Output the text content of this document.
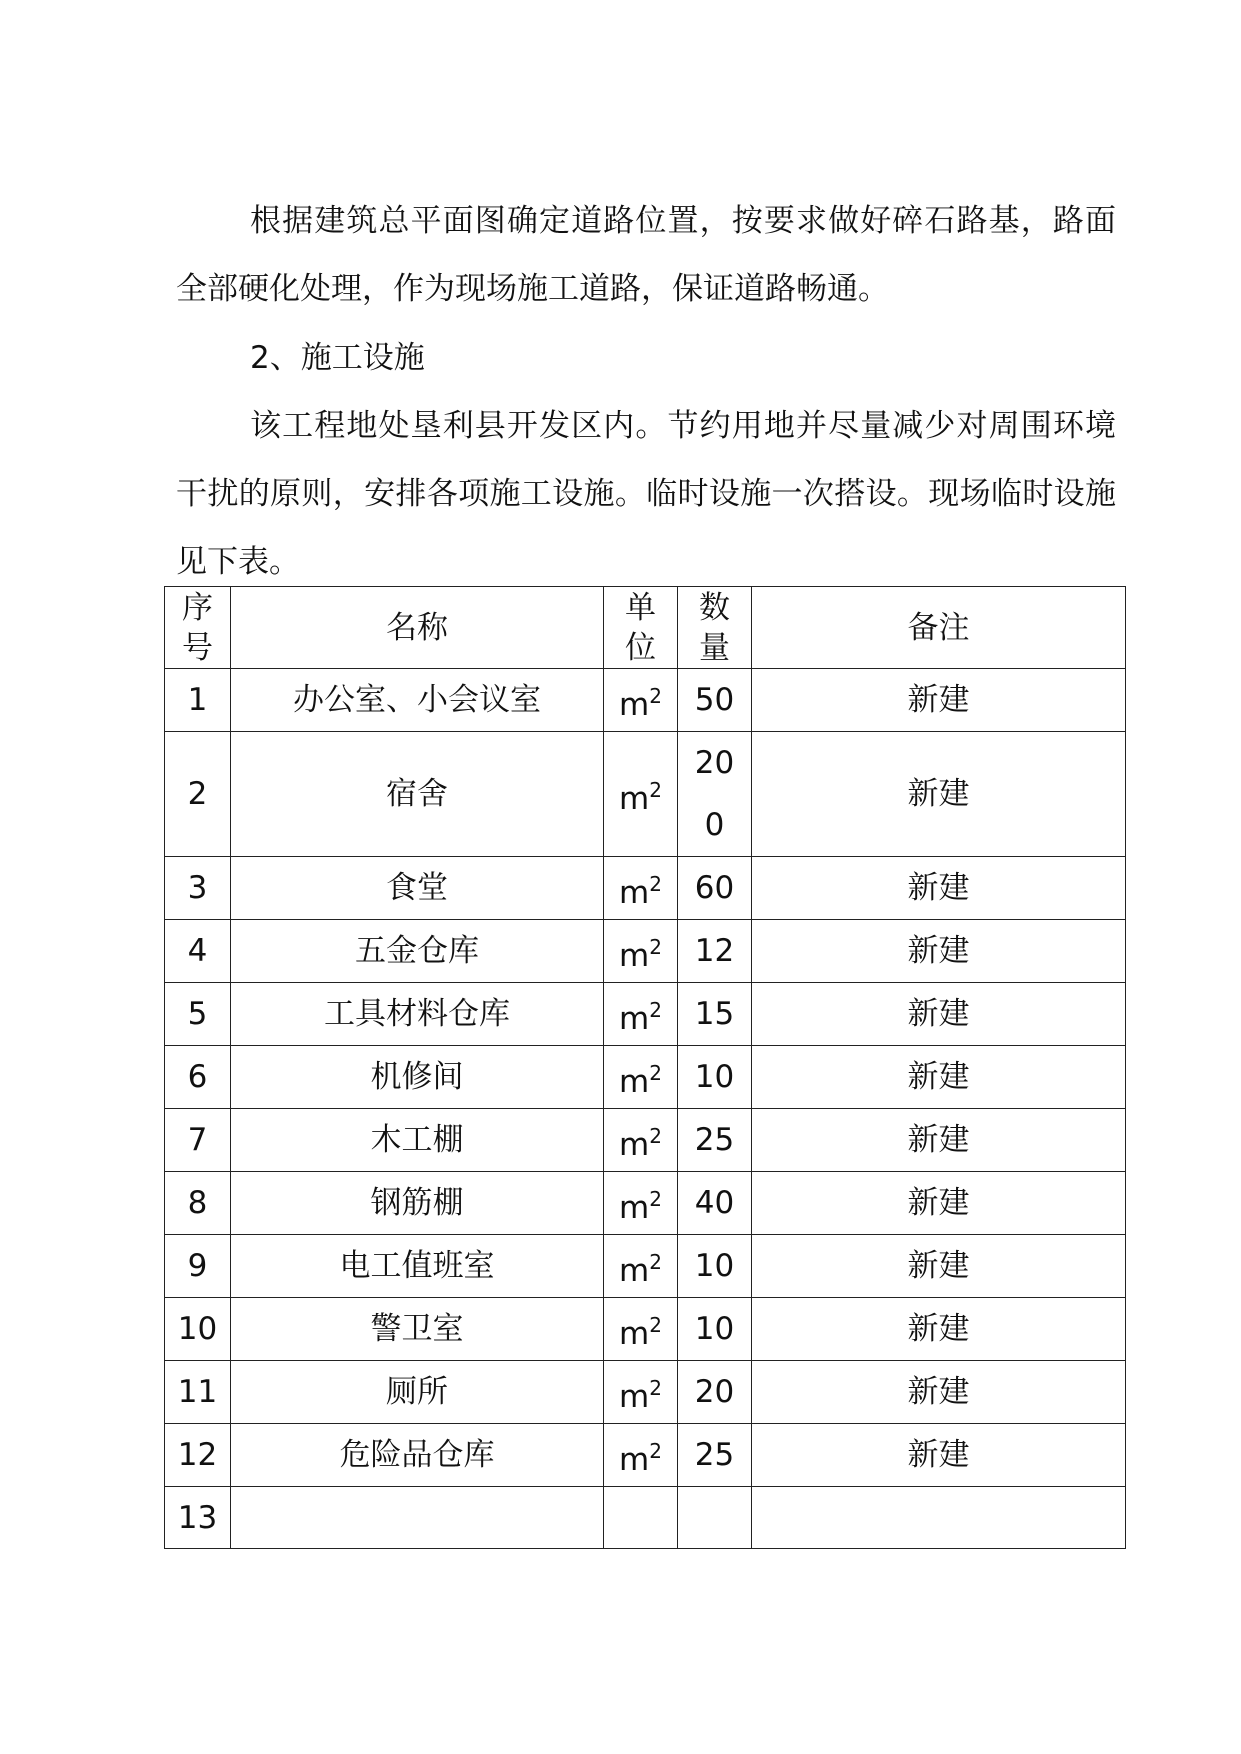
根据建筑总平面图确定道路位置，按要求做好碎石路基，路面全部硬化处理，作为现场施工道路，保证道路畅通。

2、施工设施

该工程地处垦利县开发区内。节约用地并尽量减少对周围环境干扰的原则，安排各项施工设施。临时设施一次搭设。现场临时设施见下表。

序号	名称	单位	数量	备注
1	办公室、小会议室	$m^2$	50	新建
2	宿舍	$m^2$	200	新建
3	食堂	$m^2$	60	新建
4	五金仓库	$m^2$	12	新建
5	工具材料仓库	$m^2$	15	新建
6	机修间	$m^2$	10	新建
7	木工棚	$m^2$	25	新建
8	钢筋棚	$m^2$	40	新建
9	电工值班室	$m^2$	10	新建
10	警卫室	$m^2$	10	新建
11	厕所	$m^2$	20	新建
12	危险品仓库	$m^2$	25	新建
13				
